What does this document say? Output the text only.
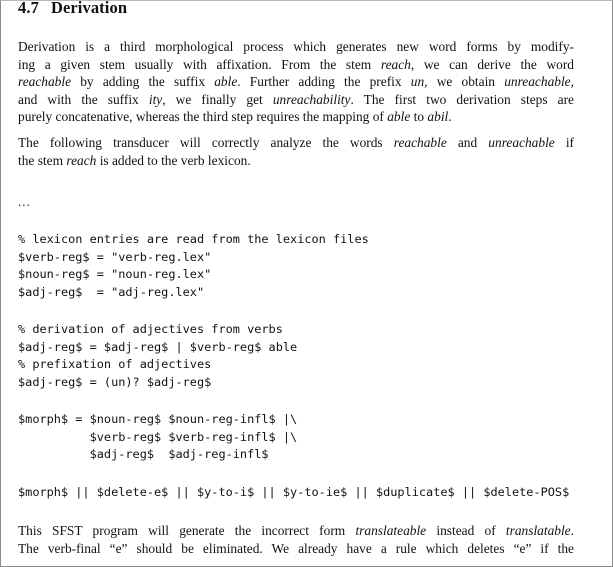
4.7 Derivation
Derivation is a third morphological process which generates new word forms by modify-
ing a given stem usually with affixation. From the stem reach, we can derive the word
reachable by adding the suffix able. Further adding the prefix un, we obtain unreachable,
and with the suffix ity, we finally get unreachability. The first two derivation steps are
purely concatenative, whereas the third step requires the mapping of able to abil.
The following transducer will correctly analyze the words reachable and unreachable if
the stem reach is added to the verb lexicon.
...
% lexicon entries are read from the lexicon files
$verb-reg$ = "verb-reg.lex"
$noun-reg$ = "noun-reg.lex"
$adj-reg$  = "adj-reg.lex"
% derivation of adjectives from verbs
$adj-reg$ = $adj-reg$ | $verb-reg$ able
% prefixation of adjectives
$adj-reg$ = (un)? $adj-reg$
$morph$ = $noun-reg$ $noun-reg-infl$ |\
$verb-reg$ $verb-reg-infl$ |\
$adj-reg$  $adj-reg-infl$
$morph$ || $delete-e$ || $y-to-i$ || $y-to-ie$ || $duplicate$ || $delete-POS$
This SFST program will generate the incorrect form translateable instead of translatable.
The verb-final “e” should be eliminated. We already have a rule which deletes “e” if the
